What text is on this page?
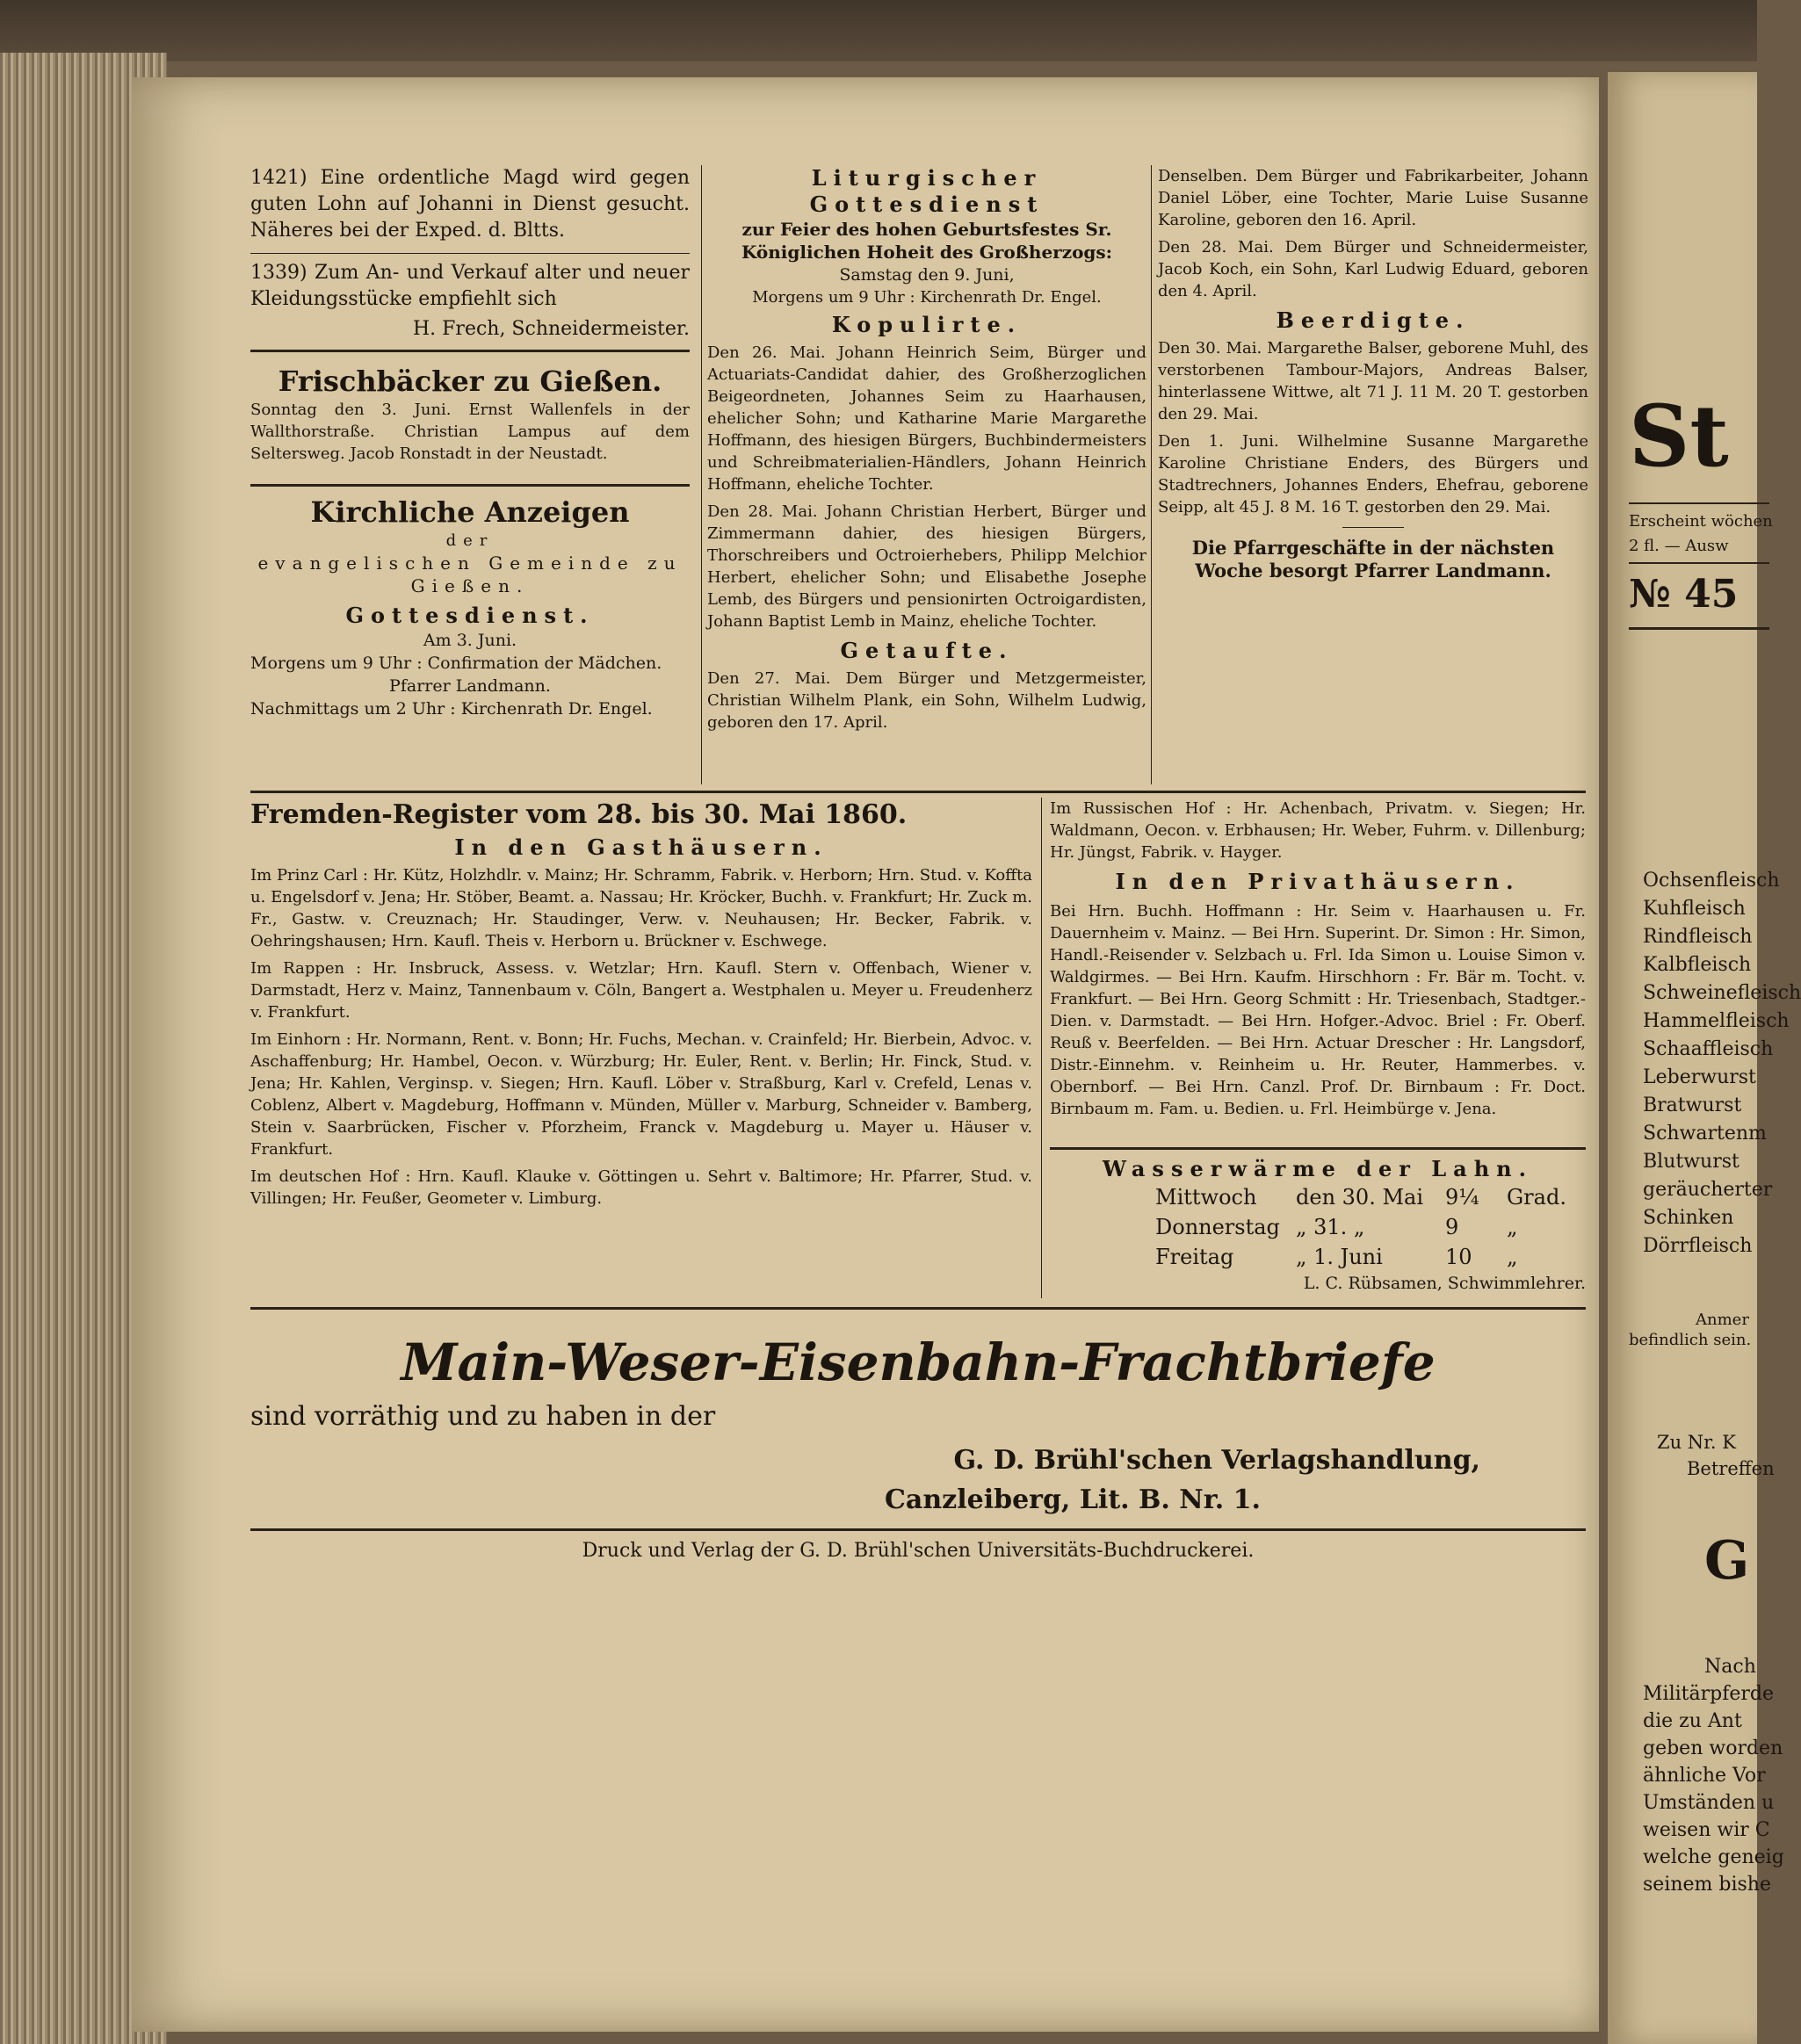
1421) Eine ordentliche Magd wird gegen guten Lohn auf Johanni in Dienst gesucht. Näheres bei der Exped. d. Bltts.

1339) Zum An- und Verkauf alter und neuer Kleidungsstücke empfiehlt sich

H. Frech, Schneidermeister.
Frischbäcker zu Gießen.

Sonntag den 3. Juni. Ernst Wallenfels in der Wallthorstraße. Christian Lampus auf dem Seltersweg. Jacob Ronstadt in der Neustadt.

Kirchliche Anzeigen
der
evangelischen Gemeinde zu Gießen.
Gottesdienst.
Am 3. Juni.
Morgens um 9 Uhr : Confirmation der Mädchen.
Pfarrer Landmann.
Nachmittags um 2 Uhr : Kirchenrath Dr. Engel.
Liturgischer Gottesdienst
zur Feier des hohen Geburtsfestes Sr. Königlichen Hoheit des Großherzogs:
Samstag den 9. Juni,
Morgens um 9 Uhr : Kirchenrath Dr. Engel.
Kopulirte.

Den 26. Mai. Johann Heinrich Seim, Bürger und Actuariats-Candidat dahier, des Großherzoglichen Beigeordneten, Johannes Seim zu Haarhausen, ehelicher Sohn; und Katharine Marie Margarethe Hoffmann, des hiesigen Bürgers, Buchbindermeisters und Schreibmaterialien-Händlers, Johann Heinrich Hoffmann, eheliche Tochter.

Den 28. Mai. Johann Christian Herbert, Bürger und Zimmermann dahier, des hiesigen Bürgers, Thorschreibers und Octroierhebers, Philipp Melchior Herbert, ehelicher Sohn; und Elisabethe Josephe Lemb, des Bürgers und pensionirten Octroigardisten, Johann Baptist Lemb in Mainz, eheliche Tochter.

Getaufte.

Den 27. Mai. Dem Bürger und Metzgermeister, Christian Wilhelm Plank, ein Sohn, Wilhelm Ludwig, geboren den 17. April.

Denselben. Dem Bürger und Fabrikarbeiter, Johann Daniel Löber, eine Tochter, Marie Luise Susanne Karoline, geboren den 16. April.

Den 28. Mai. Dem Bürger und Schneidermeister, Jacob Koch, ein Sohn, Karl Ludwig Eduard, geboren den 4. April.

Beerdigte.

Den 30. Mai. Margarethe Balser, geborene Muhl, des verstorbenen Tambour-Majors, Andreas Balser, hinterlassene Wittwe, alt 71 J. 11 M. 20 T. gestorben den 29. Mai.

Den 1. Juni. Wilhelmine Susanne Margarethe Karoline Christiane Enders, des Bürgers und Stadtrechners, Johannes Enders, Ehefrau, geborene Seipp, alt 45 J. 8 M. 16 T. gestorben den 29. Mai.

Die Pfarrgeschäfte in der nächsten Woche besorgt Pfarrer Landmann.
Fremden-Register vom 28. bis 30. Mai 1860.
In den Gasthäusern.

Im Prinz Carl : Hr. Kütz, Holzhdlr. v. Mainz; Hr. Schramm, Fabrik. v. Herborn; Hrn. Stud. v. Koffta u. Engelsdorf v. Jena; Hr. Stöber, Beamt. a. Nassau; Hr. Kröcker, Buchh. v. Frankfurt; Hr. Zuck m. Fr., Gastw. v. Creuznach; Hr. Staudinger, Verw. v. Neuhausen; Hr. Becker, Fabrik. v. Oehringshausen; Hrn. Kaufl. Theis v. Herborn u. Brückner v. Eschwege.

Im Rappen : Hr. Insbruck, Assess. v. Wetzlar; Hrn. Kaufl. Stern v. Offenbach, Wiener v. Darmstadt, Herz v. Mainz, Tannenbaum v. Cöln, Bangert a. Westphalen u. Meyer u. Freudenherz v. Frankfurt.

Im Einhorn : Hr. Normann, Rent. v. Bonn; Hr. Fuchs, Mechan. v. Crainfeld; Hr. Bierbein, Advoc. v. Aschaffenburg; Hr. Hambel, Oecon. v. Würzburg; Hr. Euler, Rent. v. Berlin; Hr. Finck, Stud. v. Jena; Hr. Kahlen, Verginsp. v. Siegen; Hrn. Kaufl. Löber v. Straßburg, Karl v. Crefeld, Lenas v. Coblenz, Albert v. Magdeburg, Hoffmann v. Münden, Müller v. Marburg, Schneider v. Bamberg, Stein v. Saarbrücken, Fischer v. Pforzheim, Franck v. Magdeburg u. Mayer u. Häuser v. Frankfurt.

Im deutschen Hof : Hrn. Kaufl. Klauke v. Göttingen u. Sehrt v. Baltimore; Hr. Pfarrer, Stud. v. Villingen; Hr. Feußer, Geometer v. Limburg.

Im Russischen Hof : Hr. Achenbach, Privatm. v. Siegen; Hr. Waldmann, Oecon. v. Erbhausen; Hr. Weber, Fuhrm. v. Dillenburg; Hr. Jüngst, Fabrik. v. Hayger.

In den Privathäusern.

Bei Hrn. Buchh. Hoffmann : Hr. Seim v. Haarhausen u. Fr. Dauernheim v. Mainz. — Bei Hrn. Superint. Dr. Simon : Hr. Simon, Handl.-Reisender v. Selzbach u. Frl. Ida Simon u. Louise Simon v. Waldgirmes. — Bei Hrn. Kaufm. Hirschhorn : Fr. Bär m. Tocht. v. Frankfurt. — Bei Hrn. Georg Schmitt : Hr. Triesenbach, Stadtger.-Dien. v. Darmstadt. — Bei Hrn. Hofger.-Advoc. Briel : Fr. Oberf. Reuß v. Beerfelden. — Bei Hrn. Actuar Drescher : Hr. Langsdorf, Distr.-Einnehm. v. Reinheim u. Hr. Reuter, Hammerbes. v. Obernborf. — Bei Hrn. Canzl. Prof. Dr. Birnbaum : Fr. Doct. Birnbaum m. Fam. u. Bedien. u. Frl. Heimbürge v. Jena.

Wasserwärme der Lahn.
Mittwoch	den 30. Mai	9¼	Grad.
Donnerstag „ 31. „	9	„
Freitag	„ 1. Juni	10	„
L. C. Rübsamen, Schwimmlehrer.
Main-Weser-Eisenbahn-Frachtbriefe
sind vorräthig und zu haben in der
G. D. Brühl'schen Verlagshandlung,
Canzleiberg, Lit. B. Nr. 1.
Druck und Verlag der G. D. Brühl'schen Universitäts-Buchdruckerei.
St
Erscheint wöchen
2 fl. — Ausw
№ 45
Ochsenfleisch
Kuhfleisch
Rindfleisch
Kalbfleisch
Schweinefleisch
Hammelfleisch
Schaaffleisch
Leberwurst
Bratwurst
Schwartenm
Blutwurst
geräucherter
Schinken
Dörrfleisch
Anmer
befindlich sein.
Zu Nr. K
Betreffen
G
Nach
Militärpferde
die zu Ant
geben worden
ähnliche Vor
Umständen u
weisen wir C
welche geneig
seinem bishe
